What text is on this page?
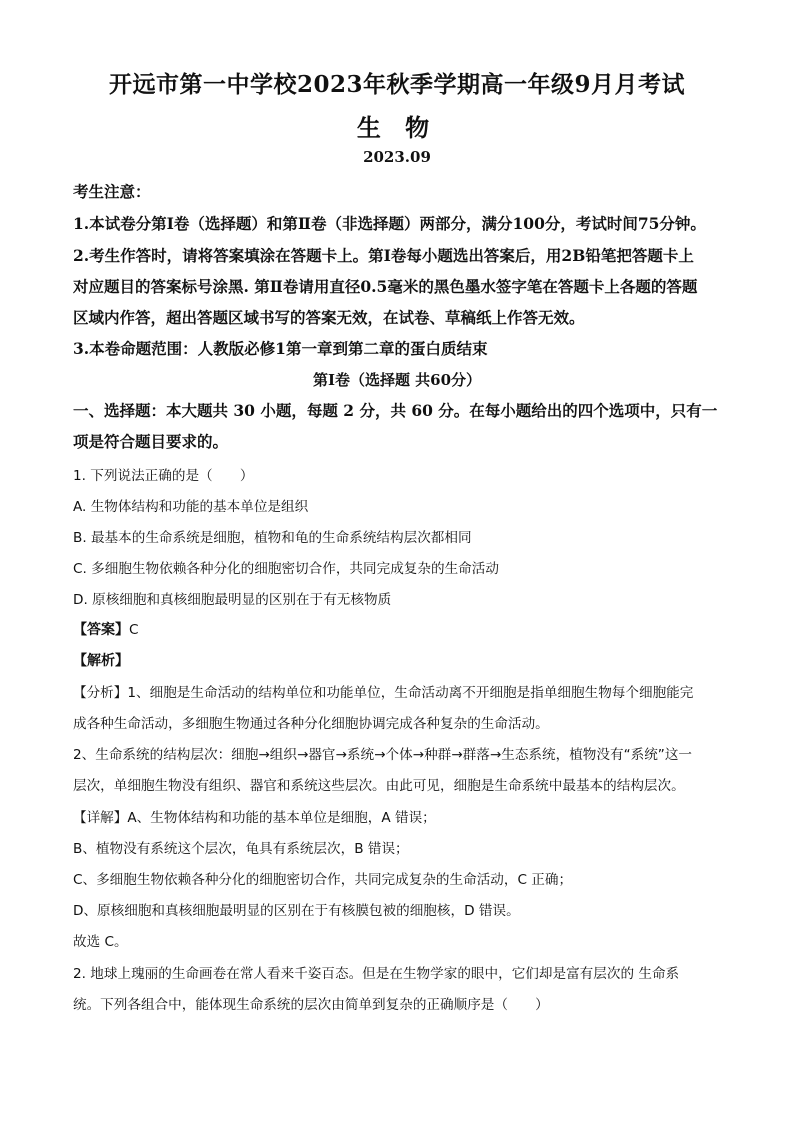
开远市第一中学校2023年秋季学期高一年级9月月考试
生 物
2023.09
考生注意：
1.本试卷分第Ⅰ卷（选择题）和第Ⅱ卷（非选择题）两部分，满分100分，考试时间75分钟。
2.考生作答时，请将答案填涂在答题卡上。第Ⅰ卷每小题选出答案后，用2B铅笔把答题卡上
对应题目的答案标号涂黑. 第Ⅱ卷请用直径0.5毫米的黑色墨水签字笔在答题卡上各题的答题
区域内作答，超出答题区域书写的答案无效，在试卷、草稿纸上作答无效。
3.本卷命题范围：人教版必修1第一章到第二章的蛋白质结束
第Ⅰ卷（选择题 共60分）
一、选择题：本大题共 30 小题，每题 2 分，共 60 分。在每小题给出的四个选项中，只有一
项是符合题目要求的。
1. 下列说法正确的是（　　）
A. 生物体结构和功能的基本单位是组织
B. 最基本的生命系统是细胞，植物和龟的生命系统结构层次都相同
C. 多细胞生物依赖各种分化的细胞密切合作，共同完成复杂的生命活动
D. 原核细胞和真核细胞最明显的区别在于有无核物质
【答案】C
【解析】
【分析】1、细胞是生命活动的结构单位和功能单位，生命活动离不开细胞是指单细胞生物每个细胞能完
成各种生命活动，多细胞生物通过各种分化细胞协调完成各种复杂的生命活动。
2、生命系统的结构层次：细胞→组织→器官→系统→个体→种群→群落→生态系统，植物没有“系统”这一
层次，单细胞生物没有组织、器官和系统这些层次。由此可见，细胞是生命系统中最基本的结构层次。
【详解】A、生物体结构和功能的基本单位是细胞，A 错误；
B、植物没有系统这个层次，龟具有系统层次，B 错误；
C、多细胞生物依赖各种分化的细胞密切合作，共同完成复杂的生命活动，C 正确；
D、原核细胞和真核细胞最明显的区别在于有核膜包被的细胞核，D 错误。
故选 C。
2. 地球上瑰丽的生命画卷在常人看来千姿百态。但是在生物学家的眼中，它们却是富有层次的 生命系
统。下列各组合中，能体现生命系统的层次由简单到复杂的正确顺序是（　　）
